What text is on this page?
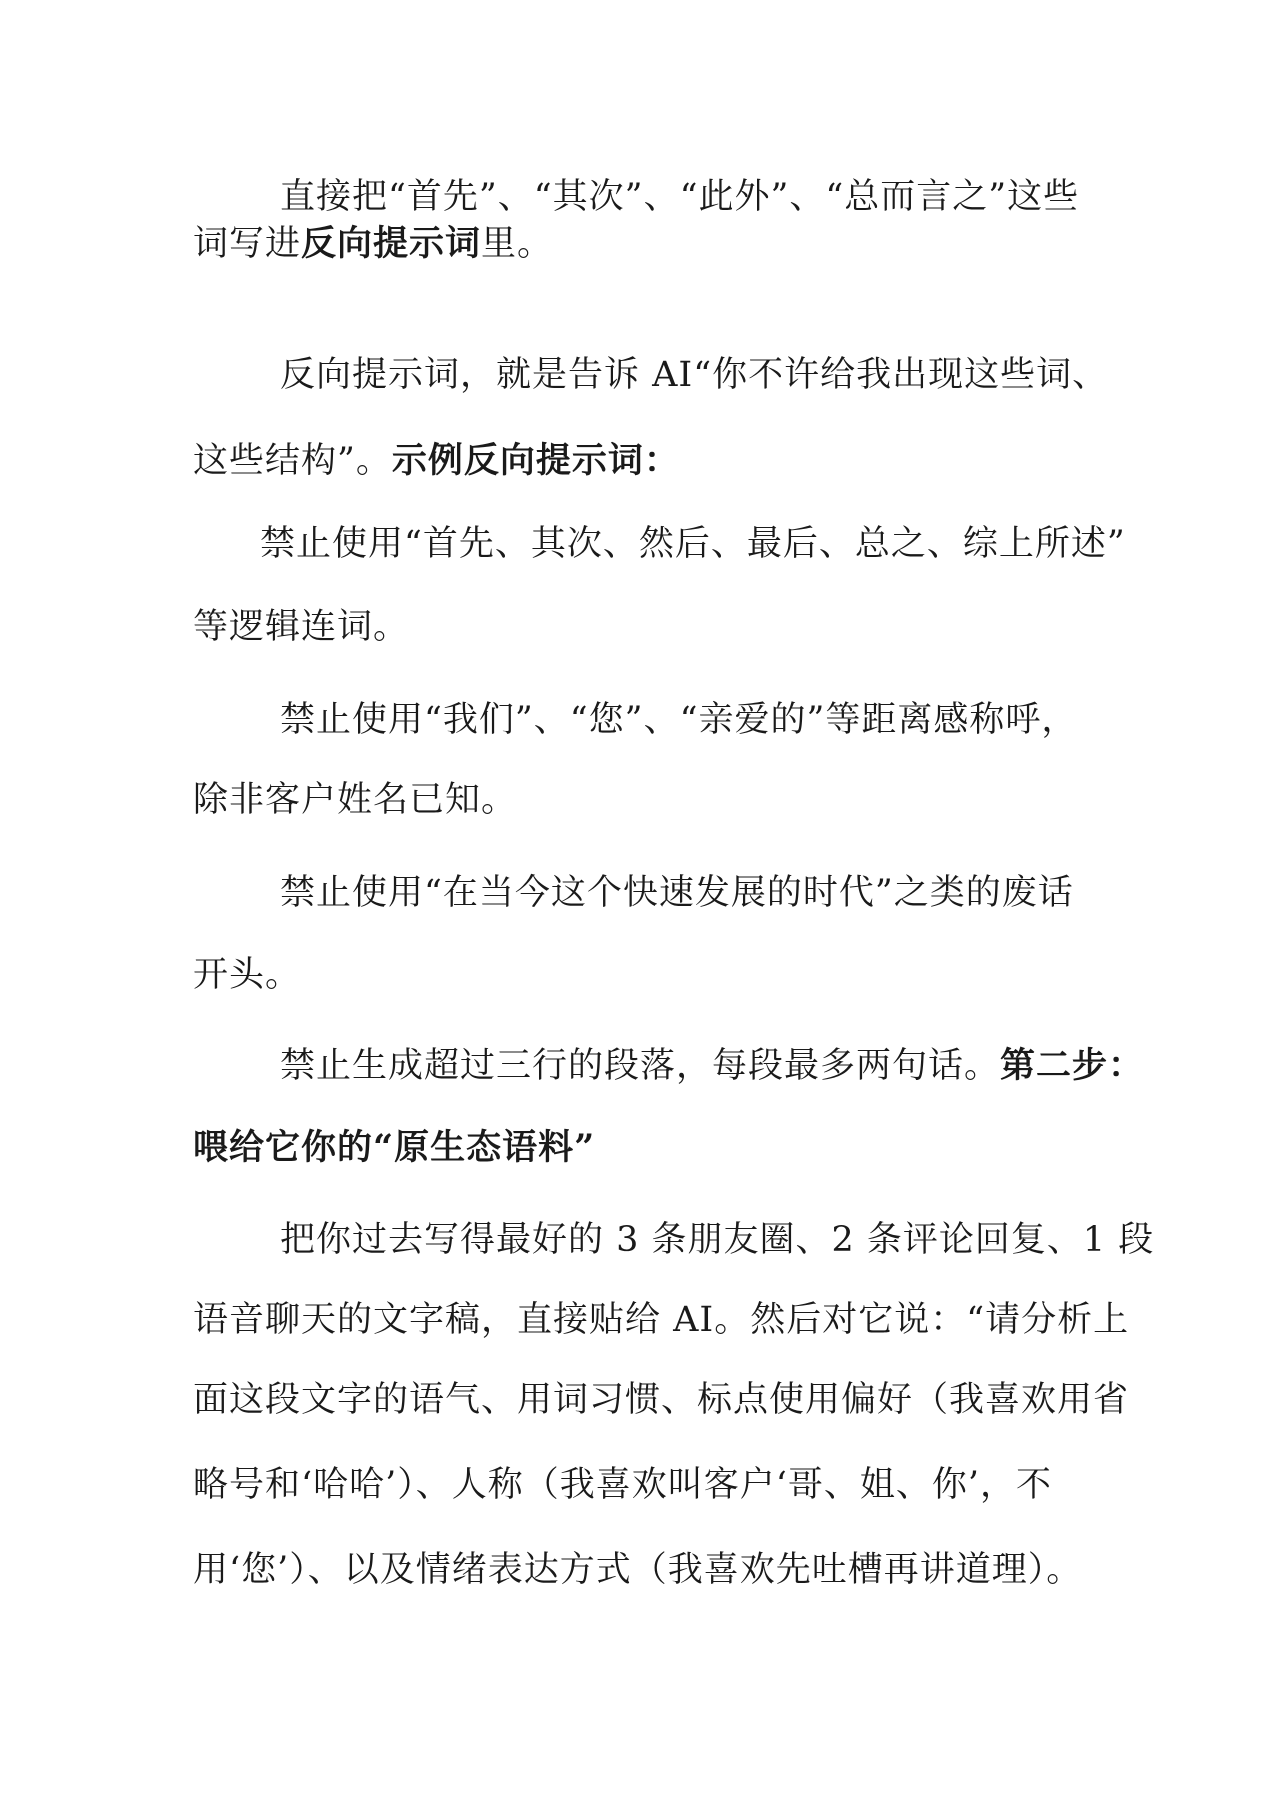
直接把“首先”、“其次”、“此外”、“总而言之”这些
词写进反向提示词里。
反向提示词，就是告诉 AI“你不许给我出现这些词、
这些结构”。示例反向提示词：
禁止使用“首先、其次、然后、最后、总之、综上所述”
等逻辑连词。
禁止使用“我们”、“您”、“亲爱的”等距离感称呼，
除非客户姓名已知。
禁止使用“在当今这个快速发展的时代”之类的废话
开头。
禁止生成超过三行的段落，每段最多两句话。第二步：
喂给它你的“原生态语料”
把你过去写得最好的 3 条朋友圈、2 条评论回复、1 段
语音聊天的文字稿，直接贴给 AI。然后对它说：“请分析上
面这段文字的语气、用词习惯、标点使用偏好（我喜欢用省
略号和‘哈哈’）、人称（我喜欢叫客户‘哥、姐、你’，不
用‘您’）、以及情绪表达方式（我喜欢先吐槽再讲道理）。
